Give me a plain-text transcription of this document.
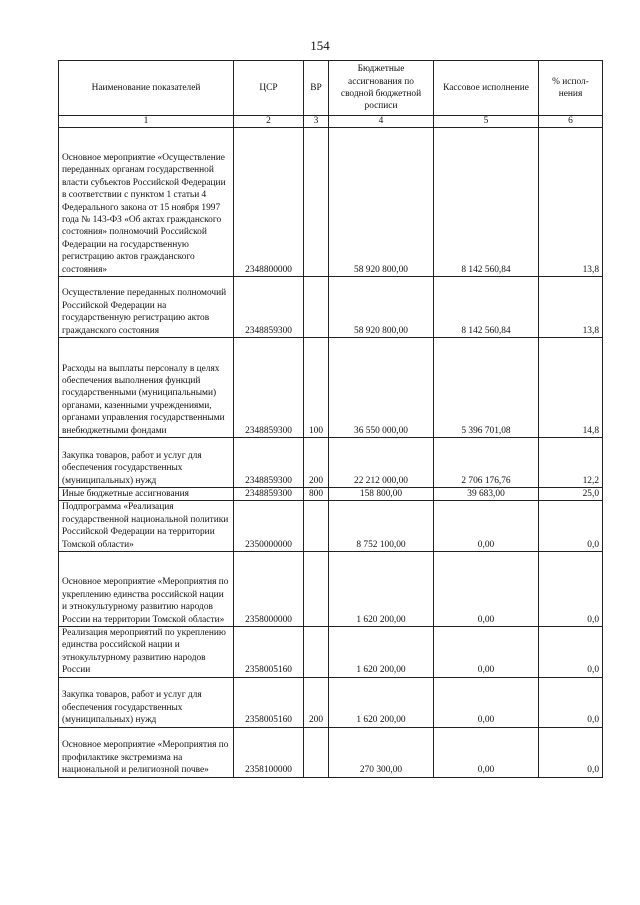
154
Наименование показателей	ЦСР	ВР	Бюджетные ассигнования по сводной бюджетной росписи	Кассовое исполнение	% испол-нения
1	2	3	4	5	6
Основное мероприятие «Осуществление переданных органам государственной власти субъектов Российской Федерации в соответствии с пунктом 1 статьи 4 Федерального закона от 15 ноября 1997 года № 143-ФЗ «Об актах гражданского состояния» полномочий Российской Федерации на государственную регистрацию актов гражданского состояния»	2348800000		58 920 800,00	8 142 560,84	13,8
Осуществление переданных полномочий Российской Федерации на государственную регистрацию актов гражданского состояния	2348859300		58 920 800,00	8 142 560,84	13,8
Расходы на выплаты персоналу в целях обеспечения выполнения функций государственными (муниципальными) органами, казенными учреждениями, органами управления государственными внебюджетными фондами	2348859300	100	36 550 000,00	5 396 701,08	14,8
Закупка товаров, работ и услуг для обеспечения государственных (муниципальных) нужд	2348859300	200	22 212 000,00	2 706 176,76	12,2
Иные бюджетные ассигнования	2348859300	800	158 800,00	39 683,00	25,0
Подпрограмма «Реализация государственной национальной политики Российской Федерации на территории Томской области»	2350000000		8 752 100,00	0,00	0,0
Основное мероприятие «Мероприятия по укреплению единства российской нации и этнокультурному развитию народов России на территории Томской области»	2358000000		1 620 200,00	0,00	0,0
Реализация мероприятий по укреплению единства российской нации и этнокультурному развитию народов России	2358005160		1 620 200,00	0,00	0,0
Закупка товаров, работ и услуг для обеспечения государственных (муниципальных) нужд	2358005160	200	1 620 200,00	0,00	0,0
Основное мероприятие «Мероприятия по профилактике экстремизма на национальной и религиозной почве»	2358100000		270 300,00	0,00	0,0
